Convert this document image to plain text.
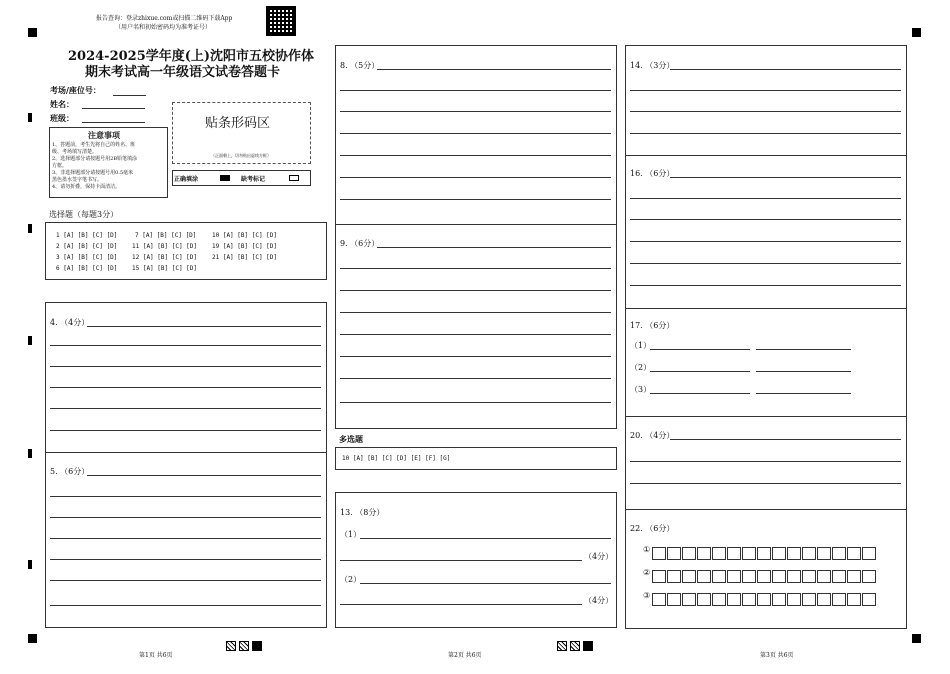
报告查询：登录zhixue.com或扫描二维码下载App
（用户名和初始密码均为准考证号）
2024-2025学年度(上)沈阳市五校协作体
期末考试高一年级语文试卷答题卡
考场/座位号：
姓名：
班级：
注意事项
1、答题前，考生先将自己的姓名、班
级、考场填写清楚。
2、选择题部分请按题号用2B铅笔填涂
方框。
3、非选择题部分请按题号用0.5毫米
黑色墨水签字笔书写。
4、请勿折叠，保持卡面清洁。
贴条形码区
（正面朝上，切勿贴出虚线方框）
正确填涂	缺考标记
选择题（每题3分）
1 [A] [B] [C] [D]	7 [A] [B] [C] [D]	10 [A] [B] [C] [D]
2 [A] [B] [C] [D] 11 [A] [B] [C] [D] 19 [A] [B] [C] [D]
3 [A] [B] [C] [D] 12 [A] [B] [C] [D] 21 [A] [B] [C] [D]
6 [A] [B] [C] [D] 15 [A] [B] [C] [D]
4. （4分）
5. （6分）
8. （5分）
9. （6分）
多选题
10 [A] [B] [C] [D] [E] [F] [G]
13. （8分）
（1）
（4分）
（2）
（4分）
14. （3分）
16. （6分）
17. （6分）
（1）
（2）
（3）
20. （4分）
22. （6分）
①
②
③
第1页 共6页	第2页 共6页	第3页 共6页
